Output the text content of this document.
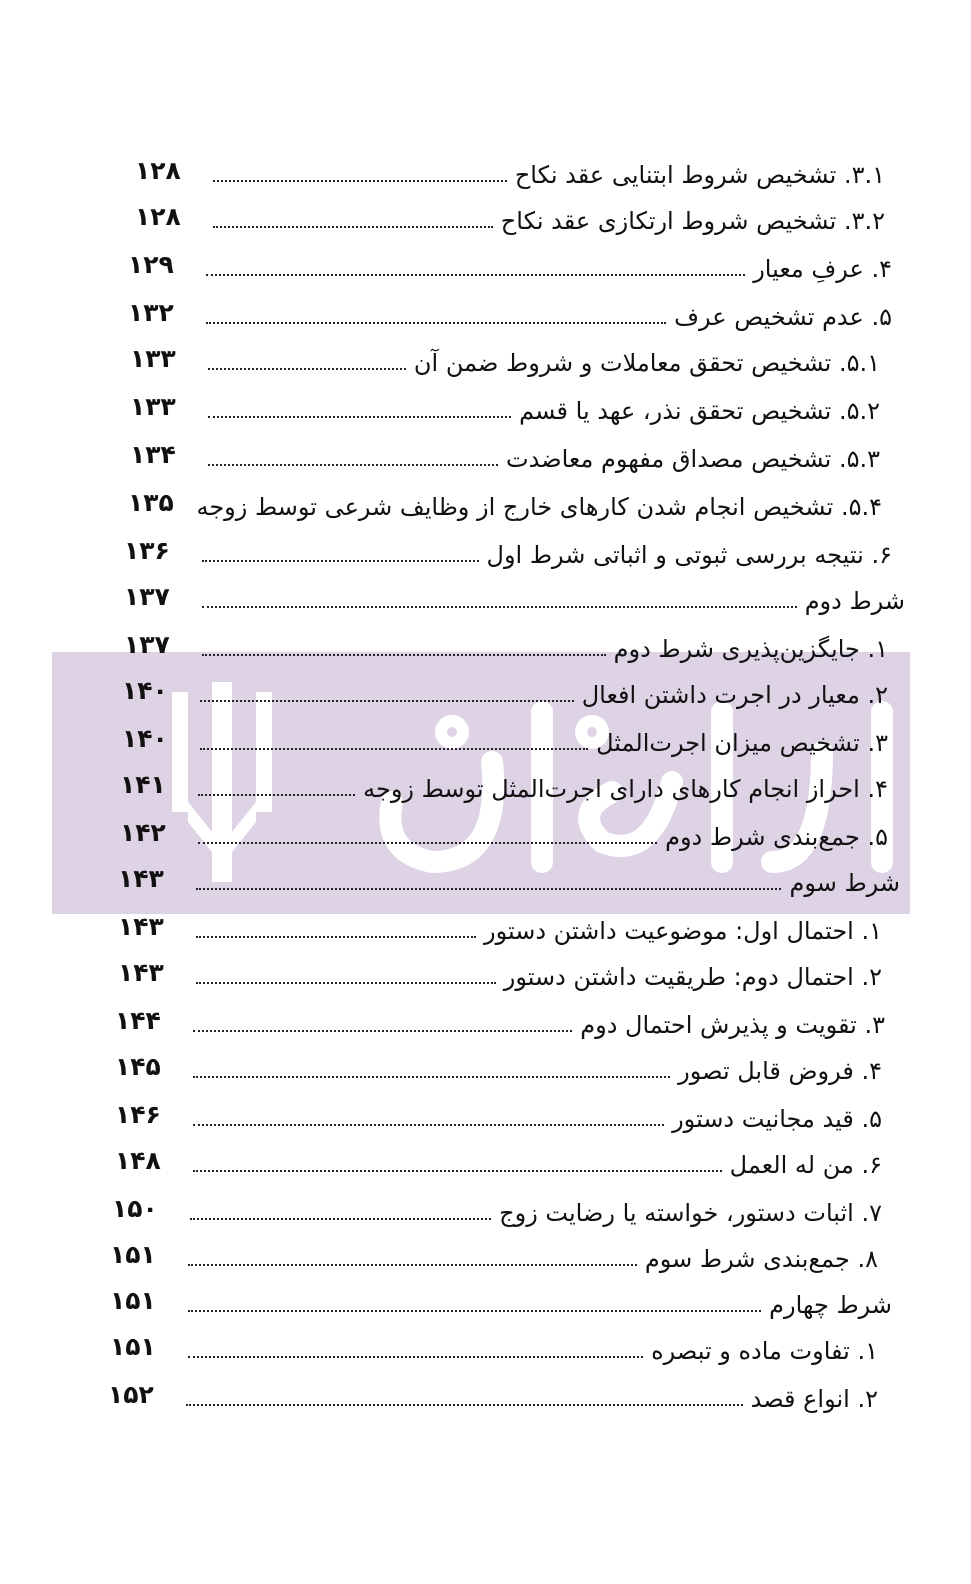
۱۲۸	۳.۱. تشخیص شروط ابتنایی عقد نکاح
۱۲۸	۳.۲. تشخیص شروط ارتکازی عقد نکاح
۱۲۹	۴. عرفِ معیار
۱۳۲	۵. عدم تشخیص عرف
۱۳۳	۵.۱. تشخیص تحقق معاملات و شروط ضمن آن
۱۳۳	۵.۲. تشخیص تحقق نذر، عهد یا قسم
۱۳۴	۵.۳. تشخیص مصداق مفهوم معاضدت
۱۳۵ ۵.۴. تشخیص انجام شدن کارهای خارج از وظایف شرعی توسط زوجه
۱۳۶	۶. نتیجه بررسی ثبوتی و اثباتی شرط اول
۱۳۷	شرط دوم
۱۳۷	۱. جایگزین‌پذیری شرط دوم
۱۴۰	۲. معیار در اجرت داشتن افعال
۱۴۰	۳. تشخیص میزان اجرت‌المثل
۱۴۱	۴. احراز انجام کارهای دارای اجرت‌المثل توسط زوجه
۱۴۲	۵. جمع‌بندی شرط دوم
۱۴۳	شرط سوم
۱۴۳	۱. احتمال اول: موضوعیت داشتن دستور
۱۴۳	۲. احتمال دوم: طریقیت داشتن دستور
۱۴۴	۳. تقویت و پذیرش احتمال دوم
۱۴۵	۴. فروض قابل تصور
۱۴۶	۵. قید مجانیت دستور
۱۴۸	۶. من له العمل
۱۵۰	۷. اثبات دستور، خواسته یا رضایت زوج
۱۵۱	۸. جمع‌بندی شرط سوم
۱۵۱	شرط چهارم
۱۵۱	۱. تفاوت ماده و تبصره
۱۵۲	۲. انواع قصد
